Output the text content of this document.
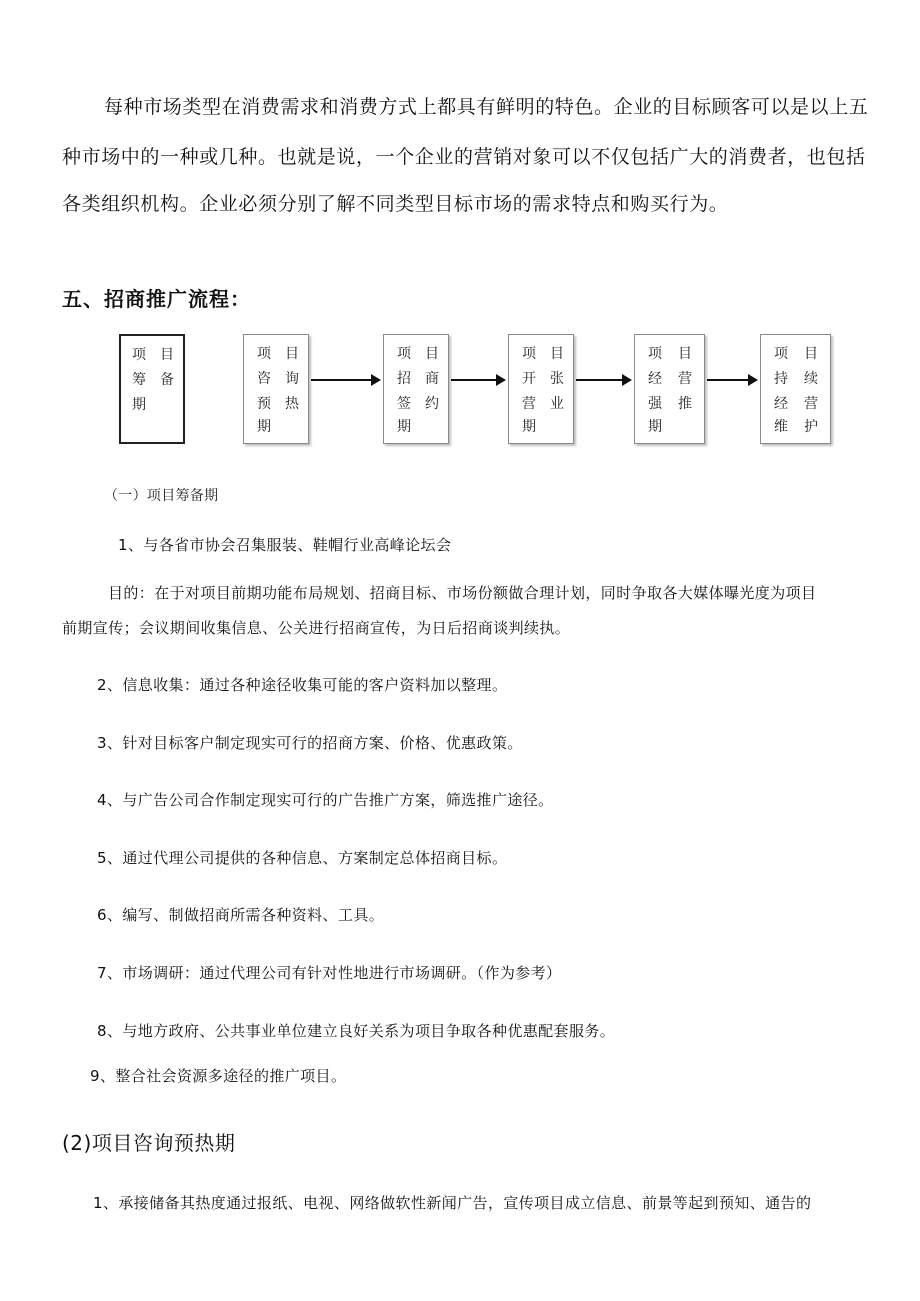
每种市场类型在消费需求和消费方式上都具有鲜明的特色。企业的目标顾客可以是以上五
种市场中的一种或几种。也就是说，一个企业的营销对象可以不仅包括广大的消费者，也包括
各类组织机构。企业必须分别了解不同类型目标市场的需求特点和购买行为。
五、招商推广流程：
项
筹
期
目
备
项
咨
预
期
目
询
热
项
招
签
期
目
商
约
项
开
营
期
目
张
业
项
经
强
期
目
营
推
项
持
经
维
目
续
营
护
（一）项目筹备期
1、与各省市协会召集服装、鞋帽行业高峰论坛会
目的：在于对项目前期功能布局规划、招商目标、市场份额做合理计划，同时争取各大媒体曝光度为项目
前期宣传；会议期间收集信息、公关进行招商宣传，为日后招商谈判续执。
2、信息收集：通过各种途径收集可能的客户资料加以整理。
3、针对目标客户制定现实可行的招商方案、价格、优惠政策。
4、与广告公司合作制定现实可行的广告推广方案，筛选推广途径。
5、通过代理公司提供的各种信息、方案制定总体招商目标。
6、编写、制做招商所需各种资料、工具。
7、市场调研：通过代理公司有针对性地进行市场调研。（作为参考）
8、与地方政府、公共事业单位建立良好关系为项目争取各种优惠配套服务。
9、整合社会资源多途径的推广项目。
(2)项目咨询预热期
1、承接储备其热度通过报纸、电视、网络做软性新闻广告，宣传项目成立信息、前景等起到预知、通告的
